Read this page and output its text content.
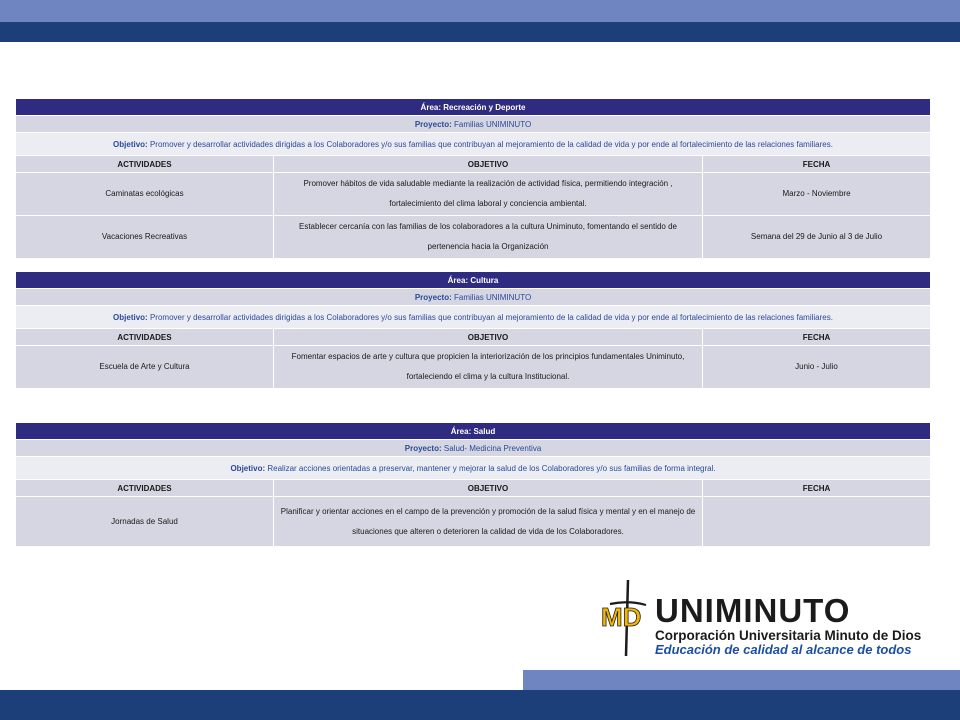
Área: Recreación y Deporte		
Proyecto: Familias UNIMINUTO		
Objetivo: Promover y desarrollar actividades dirigidas a los Colaboradores y/o sus familias que contribuyan al mejoramiento de la calidad de vida y por ende al fortalecimiento de las relaciones familiares.		
ACTIVIDADES	OBJETIVO	FECHA
Caminatas ecológicas	Promover hábitos de vida saludable mediante la realización de actividad física, permitiendo integración , fortalecimiento del clima laboral y conciencia ambiental.	Marzo - Noviembre
Vacaciones Recreativas	Establecer cercanía con las familias de los colaboradores a la cultura Uniminuto, fomentando el sentido de pertenencia hacia la Organización	Semana del 29 de Junio al 3 de Julio
Área: Cultura		
Proyecto: Familias UNIMINUTO		
Objetivo: Promover y desarrollar actividades dirigidas a los Colaboradores y/o sus familias que contribuyan al mejoramiento de la calidad de vida y por ende al fortalecimiento de las relaciones familiares.		
ACTIVIDADES	OBJETIVO	FECHA
Escuela de Arte y Cultura	Fomentar espacios de arte y cultura que propicien la interiorización de los principios fundamentales Uniminuto, fortaleciendo el clima y la cultura Institucional.	Junio - Julio
Área: Salud		
Proyecto: Salud- Medicina Preventiva		
Objetivo: Realizar acciones orientadas a preservar, mantener y mejorar la salud de los Colaboradores y/o sus familias de forma integral.		
ACTIVIDADES	OBJETIVO	FECHA
Jornadas de Salud	Planificar y orientar acciones en el campo de la prevención y promoción de la salud física y mental y en el manejo de situaciones que alteren o deterioren la calidad de vida de los Colaboradores.	
MD UNIMINUTO
Corporación Universitaria Minuto de Dios
Educación de calidad al alcance de todos
